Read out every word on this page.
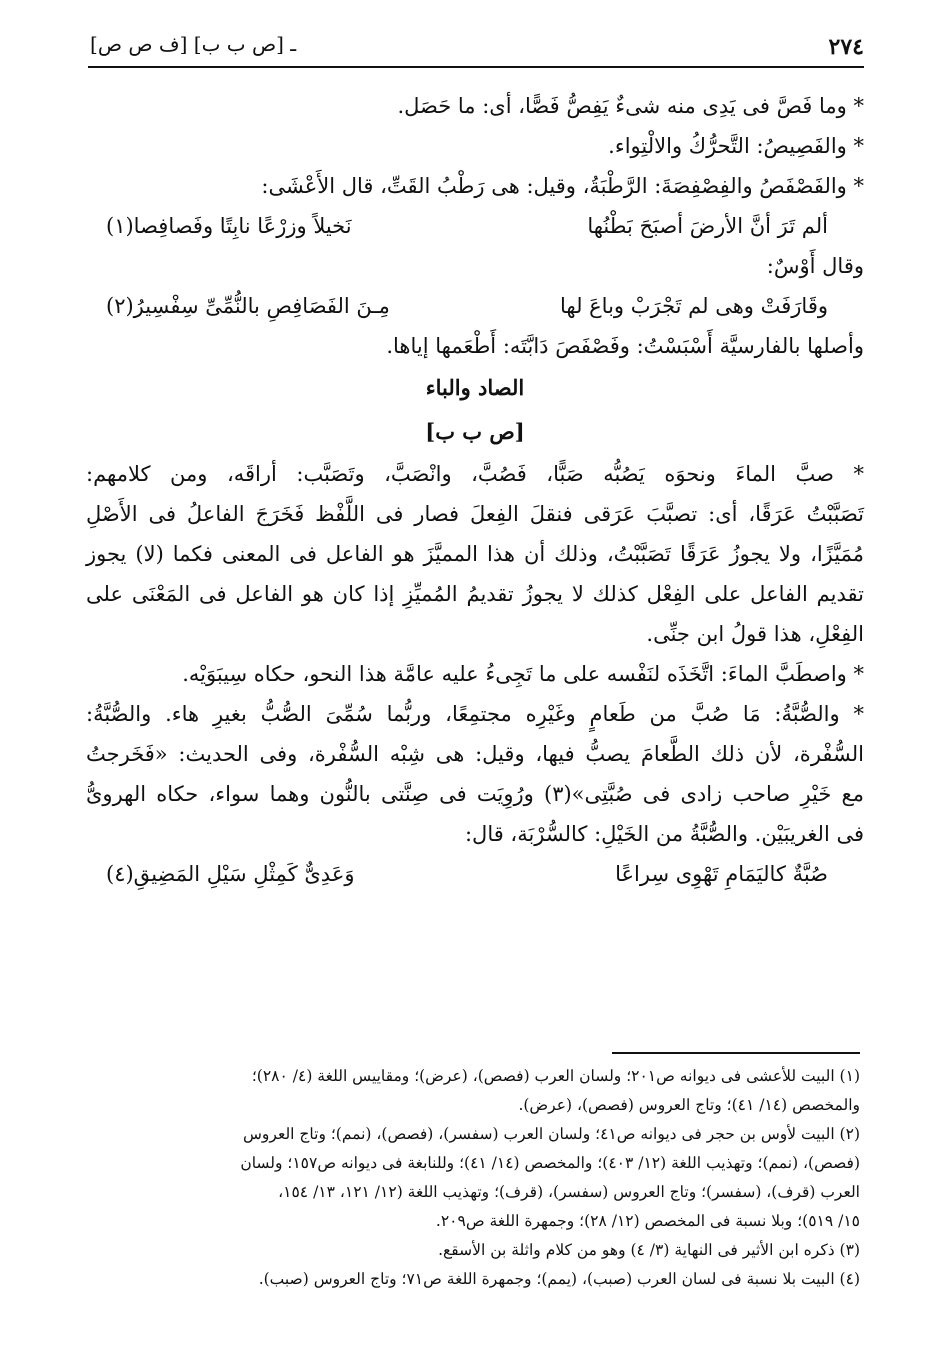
٢٧٤
[ف ص ص] ـ [ص ب ب]
* وما فَصَّ فى يَدِى منه شىءٌ يَفِصُّ فَصًّا، أى: ما حَصَل.
* والفَصِيصُ: التَّحرُّكُ والالْتِواء.
* والفَصْفَصُ والفِصْفِصَةَ: الرَّطْبَةُ، وقيل: هى رَطْبُ القَتِّ، قال الأَعْشَى:
ألم تَرَ أنَّ الأرضَ أصبَحَ بَطْنُها
نَخيلاً وزرْعًا نابِتًا وفَصافِصا(١)
وقال أَوْسٌ:
وقَارَفَتْ وهى لم تَجْرَبْ وباعَ لها
مِـنَ الفَصَافِصِ بالنُّمِّىِّ سِفْسِيرُ(٢)
وأصلها بالفارسيَّة أَسْبَسْتُ: وفَصْفَصَ دَابَّتَه: أَطْعَمها إياها.
الصاد والباء
[ص ب ب]
* صبَّ الماءَ ونحوَه يَصُبُّه صَبًّا، فَصُبَّ، وانْصَبَّ، وتَصَبَّب: أراقَه، ومن كلامهم:
تَصَبَّبْتُ عَرَقًا، أى: تصبَّبَ عَرَقى فنقلَ الفِعلَ فصار فى اللَّفْظ فَخَرَجَ الفاعلُ فى الأَصْلِ
مُمَيَّزًا، ولا يجوزُ عَرَقًا تَصَبَّبْتُ، وذلك أن هذا المميَّزَ هو الفاعل فى المعنى فكما (لا) يجوز
تقديم الفاعل على الفِعْل كذلك لا يجوزُ تقديمُ المُميِّزِ إذا كان هو الفاعل فى المَعْنَى على
الفِعْلِ، هذا قولُ ابن جنِّى.
* واصطَبَّ الماءَ: اتَّخَذَه لنَفْسه على ما تَجِىءُ عليه عامَّة هذا النحو، حكاه سِيبَوَيْه.
* والصُّبَّةُ: مَا صُبَّ من طَعامٍ وغَيْرِه مجتمِعًا، وربُّما سُمِّىَ الصُّبُّ بغيرِ هاء. والصُّبَّةُ:
السُّفْرة، لأن ذلك الطَّعامَ يصبُّ فيها، وقيل: هى شِبْه السُّفْرة، وفى الحديث: «فَخَرجتُ
مع خَيْرِ صاحب زادى فى صُبَّتِى»(٣) ورُوِيَت فى صِنَّتى بالنُّون وهما سواء، حكاه الهروىُّ
فى الغريبَيْن. والصُّبَّةُ من الخَيْلِ: كالسُّرْبَة، قال:
صُبَّةٌ كاليَمَامِ تَهْوِى سِراعًا
وَعَدِىٌّ كَمِثْلِ سَيْلِ المَضِيقِ(٤)
(١) البيت للأعشى فى ديوانه ص٢٠١؛ ولسان العرب (فصص)، (عرض)؛ ومقاييس اللغة (٤/ ٢٨٠)؛
والمخصص (١٤/ ٤١)؛ وتاج العروس (فصص)، (عرض).
(٢) البيت لأوس بن حجر فى ديوانه ص٤١؛ ولسان العرب (سفسر)، (فصص)، (نمم)؛ وتاج العروس
(فصص)، (نمم)؛ وتهذيب اللغة (١٢/ ٤٠٣)؛ والمخصص (١٤/ ٤١)؛ وللنابغة فى ديوانه ص١٥٧؛ ولسان
العرب (قرف)، (سفسر)؛ وتاج العروس (سفسر)، (قرف)؛ وتهذيب اللغة (١٢/ ١٢١، ١٣/ ١٥٤،
١٥/ ٥١٩)؛ وبلا نسبة فى المخصص (١٢/ ٢٨)؛ وجمهرة اللغة ص٢٠٩.
(٣) ذكره ابن الأثير فى النهاية (٣/ ٤) وهو من كلام واثلة بن الأسقع.
(٤) البيت بلا نسبة فى لسان العرب (صبب)، (يمم)؛ وجمهرة اللغة ص٧١؛ وتاج العروس (صبب).
